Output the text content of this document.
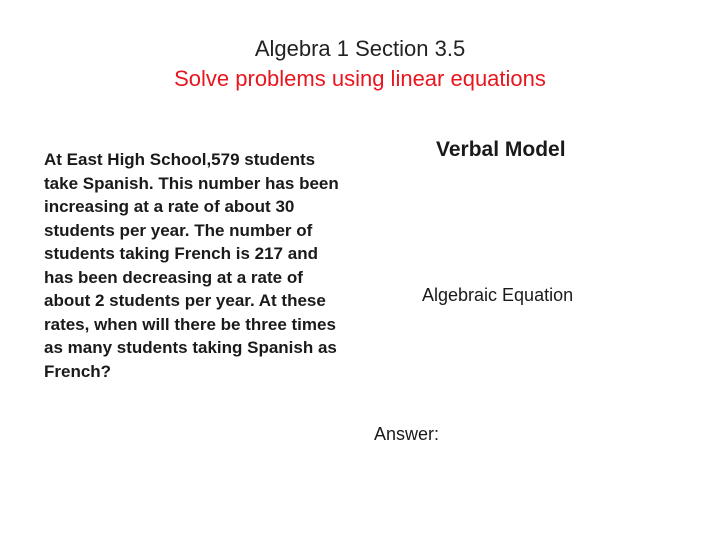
Algebra 1 Section 3.5
Solve problems using linear equations
At East High School,579 students take Spanish. This number has been increasing at a rate of about 30 students per year. The number of students taking French is 217 and has been decreasing at a rate of about 2 students per year. At these rates, when will there be three times as many students taking Spanish as French?
Verbal Model
Algebraic Equation
Answer:
